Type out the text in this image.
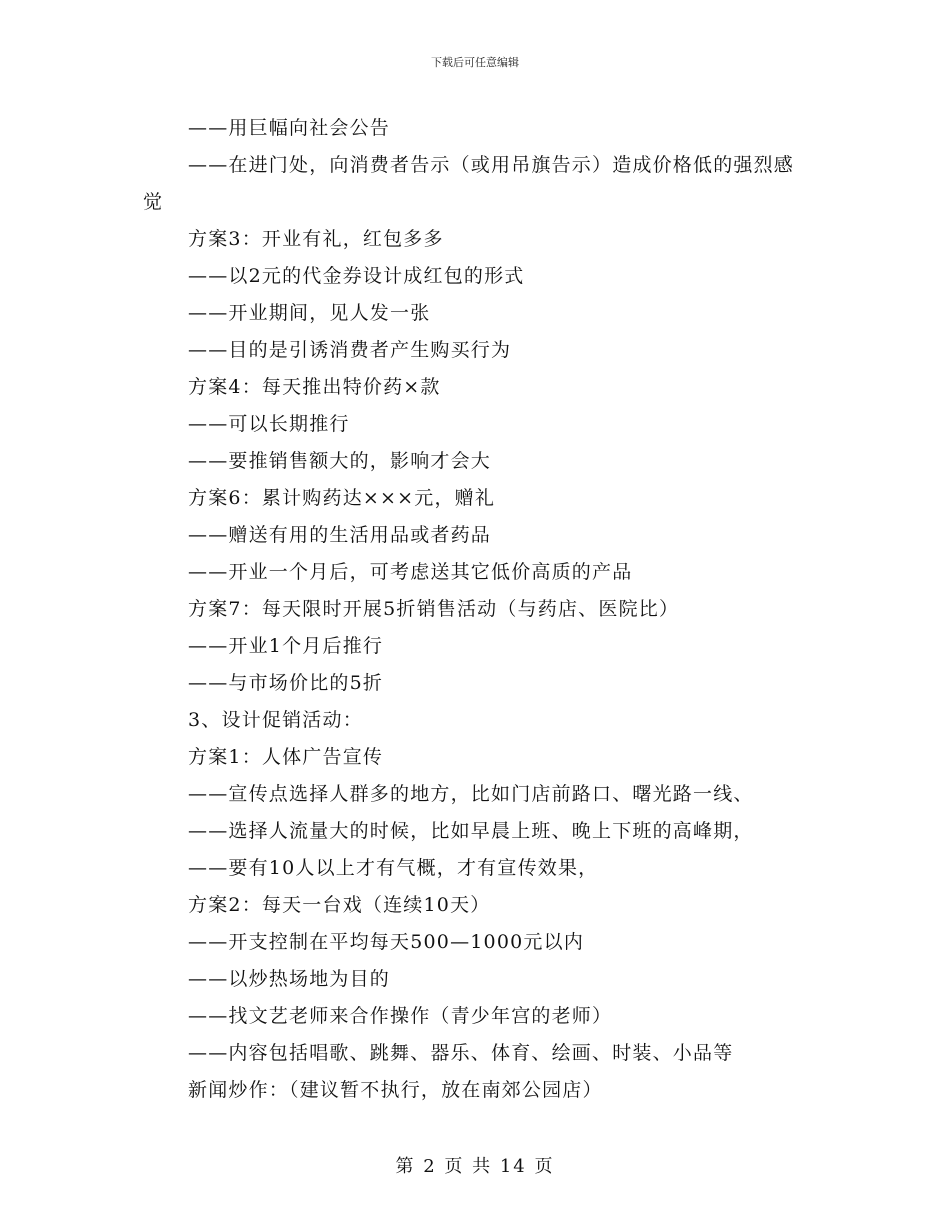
下载后可任意编辑
——用巨幅向社会公告
——在进门处，向消费者告示（或用吊旗告示）造成价格低的强烈感觉
方案3：开业有礼，红包多多
——以2元的代金券设计成红包的形式
——开业期间，见人发一张
——目的是引诱消费者产生购买行为
方案4：每天推出特价药×款
——可以长期推行
——要推销售额大的，影响才会大
方案6：累计购药达×××元，赠礼
——赠送有用的生活用品或者药品
——开业一个月后，可考虑送其它低价高质的产品
方案7：每天限时开展5折销售活动（与药店、医院比）
——开业1个月后推行
——与市场价比的5折
3、设计促销活动：
方案1：人体广告宣传
——宣传点选择人群多的地方，比如门店前路口、曙光路一线、
——选择人流量大的时候，比如早晨上班、晚上下班的高峰期，
——要有10人以上才有气概，才有宣传效果，
方案2：每天一台戏（连续10天）
——开支控制在平均每天500—1000元以内
——以炒热场地为目的
——找文艺老师来合作操作（青少年宫的老师）
——内容包括唱歌、跳舞、器乐、体育、绘画、时装、小品等
新闻炒作：（建议暂不执行，放在南郊公园店）
第 2 页 共 14 页
